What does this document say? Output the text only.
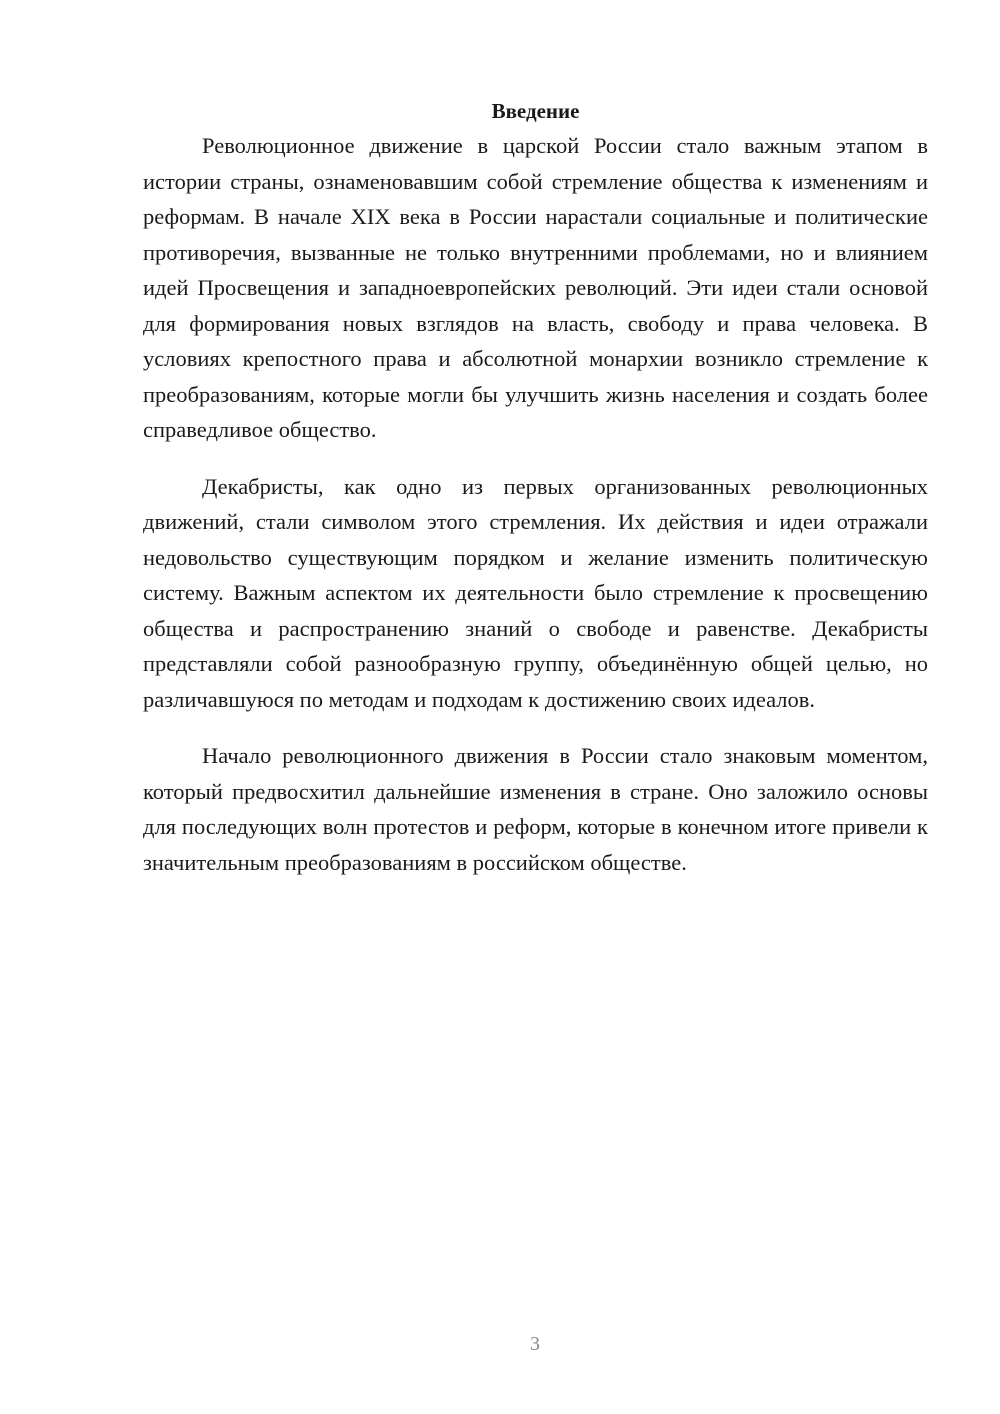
Введение

Революционное движение в царской России стало важным этапом в истории страны, ознаменовавшим собой стремление общества к изменениям и реформам. В начале XIX века в России нарастали социальные и политические противоречия, вызванные не только внутренними проблемами, но и влиянием идей Просвещения и западноевропейских революций. Эти идеи стали основой для формирования новых взглядов на власть, свободу и права человека. В условиях крепостного права и абсолютной монархии возникло стремление к преобразованиям, которые могли бы улучшить жизнь населения и создать более справедливое общество.

Декабристы, как одно из первых организованных революционных движений, стали символом этого стремления. Их действия и идеи отражали недовольство существующим порядком и желание изменить политическую систему. Важным аспектом их деятельности было стремление к просвещению общества и распространению знаний о свободе и равенстве. Декабристы представляли собой разнообразную группу, объединённую общей целью, но различавшуюся по методам и подходам к достижению своих идеалов.

Начало революционного движения в России стало знаковым моментом, который предвосхитил дальнейшие изменения в стране. Оно заложило основы для последующих волн протестов и реформ, которые в конечном итоге привели к значительным преобразованиям в российском обществе.

3
